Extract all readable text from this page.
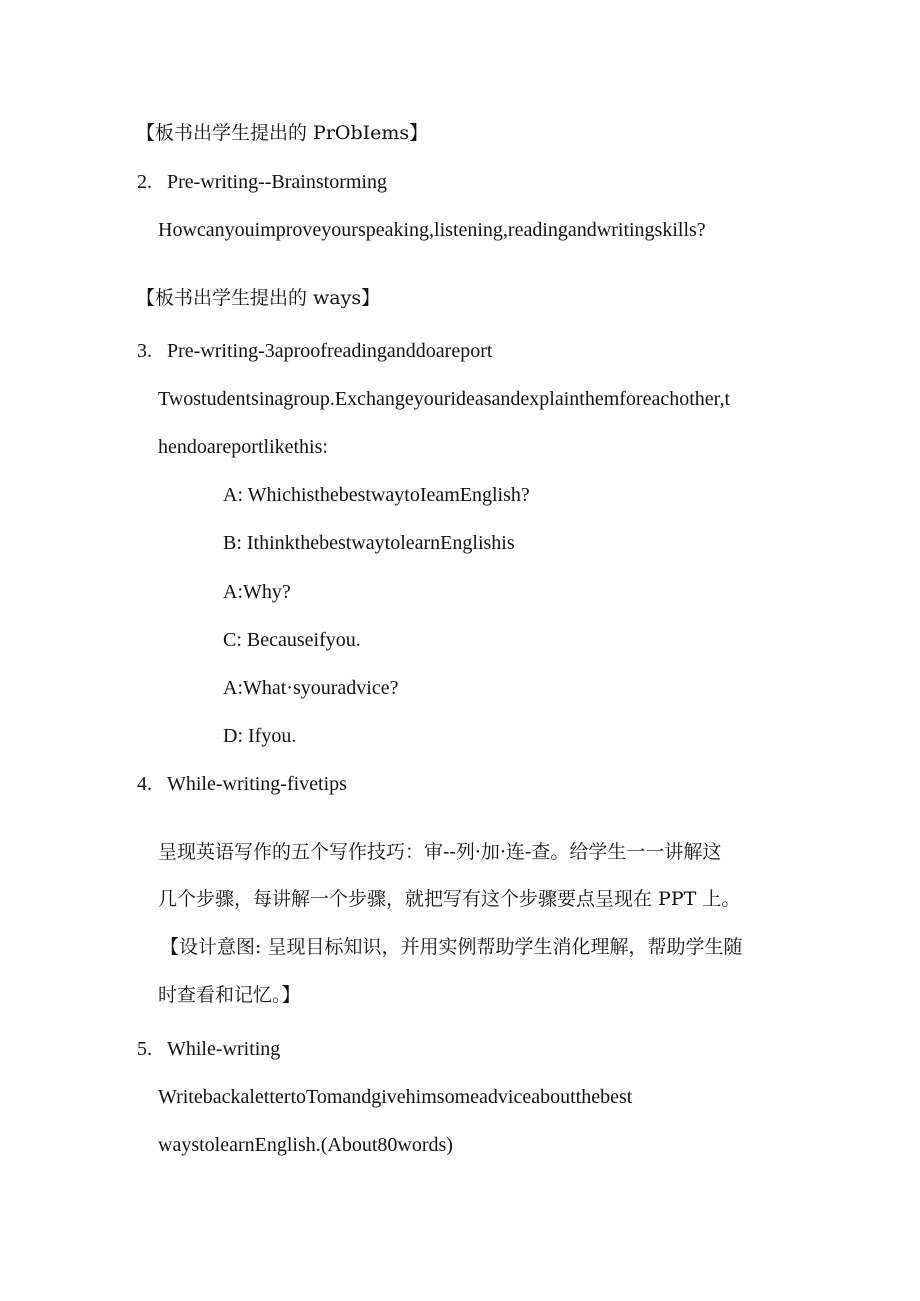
【板书出学生提出的 PrObIems】
2. Pre-writing--Brainstorming
Howcanyouimproveyourspeaking,listening,readingandwritingskills?
【板书出学生提出的 ways】
3. Pre-writing-3aproofreadinganddoareport
Twostudentsinagroup.Exchangeyourideasandexplainthemforeachother,t
hendoareportlikethis:
A: WhichisthebestwaytoIeamEnglish?
B: IthinkthebestwaytolearnEnglishis
A:Why?
C: Becauseifyou.
A:What·syouradvice?
D: Ifyou.
4. While-writing-fivetips
呈现英语写作的五个写作技巧：审--列·加·连-查。给学生一一讲解这
几个步骤，每讲解一个步骤，就把写有这个步骤要点呈现在 PPT 上。
【设计意图: 呈现目标知识，并用实例帮助学生消化理解，帮助学生随
时查看和记忆。】
5. While-writing
WritebackalettertoTomandgivehimsomeadviceaboutthebest
waystolearnEnglish.(About80words)
